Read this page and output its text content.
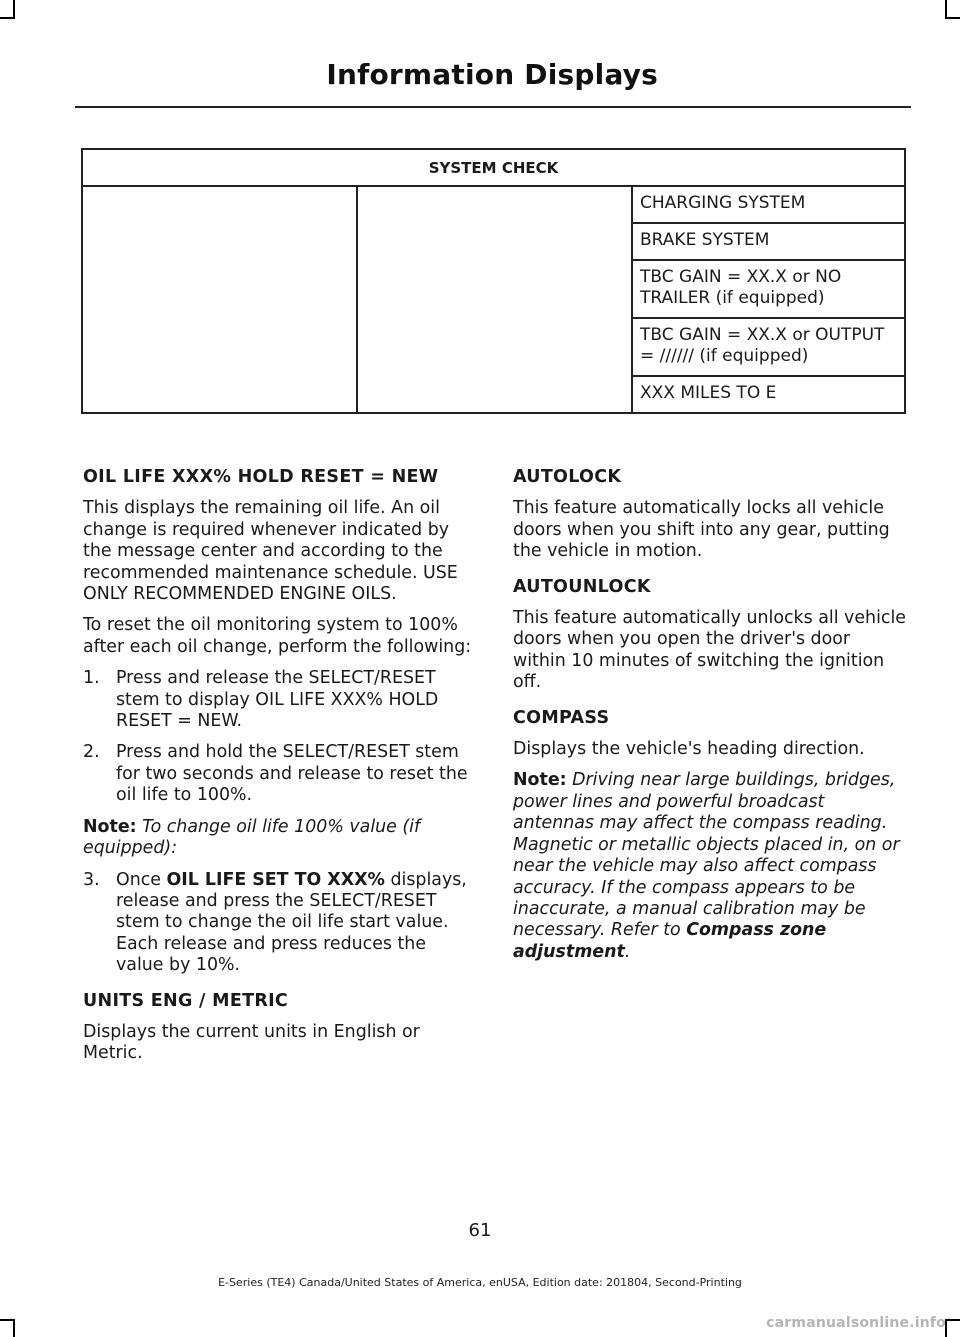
Information Displays
SYSTEM CHECK

CHARGING SYSTEM
BRAKE SYSTEM
TBC GAIN = XX.X or NO TRAILER (if equipped)
TBC GAIN = XX.X or OUTPUT = ////// (if equipped)
XXX MILES TO E
OIL LIFE XXX% HOLD RESET = NEW

This displays the remaining oil life. An oil change is required whenever indicated by the message center and according to the recommended maintenance schedule. USE ONLY RECOMMENDED ENGINE OILS.

To reset the oil monitoring system to 100% after each oil change, perform the following:

1. Press and release the SELECT/RESET stem to display OIL LIFE XXX% HOLD RESET = NEW.
2. Press and hold the SELECT/RESET stem for two seconds and release to reset the oil life to 100%.

Note: To change oil life 100% value (if equipped):

3. Once OIL LIFE SET TO XXX% displays, release and press the SELECT/RESET stem to change the oil life start value. Each release and press reduces the value by 10%.
UNITS ENG / METRIC

Displays the current units in English or Metric.

AUTOLOCK

This feature automatically locks all vehicle doors when you shift into any gear, putting the vehicle in motion.

AUTOUNLOCK

This feature automatically unlocks all vehicle doors when you open the driver's door within 10 minutes of switching the ignition off.

COMPASS

Displays the vehicle's heading direction.

Note: Driving near large buildings, bridges, power lines and powerful broadcast antennas may affect the compass reading. Magnetic or metallic objects placed in, on or near the vehicle may also affect compass accuracy. If the compass appears to be inaccurate, a manual calibration may be necessary. Refer to Compass zone adjustment.

61
E-Series (TE4) Canada/United States of America, enUSA, Edition date: 201804, Second-Printing
carmanualsonline.info
